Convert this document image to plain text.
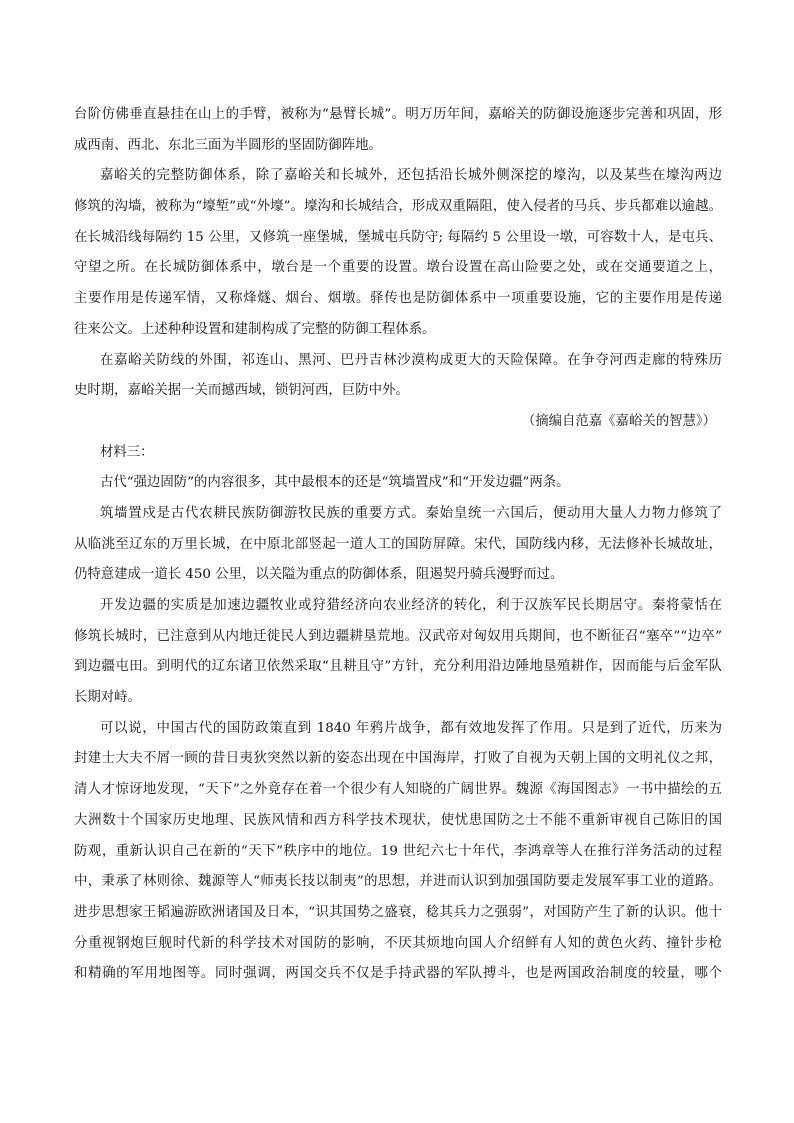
台阶仿佛垂直悬挂在山上的手臂，被称为“悬臂长城”。明万历年间，嘉峪关的防御设施逐步完善和巩固，形
成西南、西北、东北三面为半圆形的坚固防御阵地。
嘉峪关的完整防御体系，除了嘉峪关和长城外，还包括沿长城外侧深挖的壕沟，以及某些在壕沟两边
修筑的沟墙，被称为“壕堑”或“外壕”。壕沟和长城结合，形成双重隔阻，使入侵者的马兵、步兵都难以逾越。
在长城沿线每隔约 15 公里，又修筑一座堡城，堡城屯兵防守; 每隔约 5 公里设一墩，可容数十人，是屯兵、
守望之所。在长城防御体系中，墩台是一个重要的设置。墩台设置在高山险要之处，或在交通要道之上，
主要作用是传递军情，又称烽燧、烟台、烟墩。驿传也是防御体系中一项重要设施，它的主要作用是传递
往来公文。上述种种设置和建制构成了完整的防御工程体系。
在嘉峪关防线的外围，祁连山、黑河、巴丹吉林沙漠构成更大的天险保障。在争夺河西走廊的特殊历
史时期，嘉峪关据一关而撼西域，锁钥河西，巨防中外。
（摘编自范嘉《嘉峪关的智慧》）
材料三：
古代“强边固防”的内容很多，其中最根本的还是“筑墙置戍”和“开发边疆”两条。
筑墙置戍是古代农耕民族防御游牧民族的重要方式。秦始皇统一六国后，便动用大量人力物力修筑了
从临洮至辽东的万里长城，在中原北部竖起一道人工的国防屏障。宋代，国防线内移，无法修补长城故址，
仍特意建成一道长 450 公里，以关隘为重点的防御体系，阻遏契丹骑兵漫野而过。
开发边疆的实质是加速边疆牧业或狩猎经济向农业经济的转化，利于汉族军民长期居守。秦将蒙恬在
修筑长城时，已注意到从内地迁徙民人到边疆耕垦荒地。汉武帝对匈奴用兵期间，也不断征召“塞卒”“边卒”
到边疆屯田。到明代的辽东诸卫依然采取“且耕且守”方针，充分利用沿边陲地垦殖耕作，因而能与后金军队
长期对峙。
可以说，中国古代的国防政策直到 1840 年鸦片战争，都有效地发挥了作用。只是到了近代，历来为
封建士大夫不屑一顾的昔日夷狄突然以新的姿态出现在中国海岸，打败了自视为天朝上国的文明礼仪之邦，
清人才惊讶地发现，“天下”之外竟存在着一个很少有人知晓的广阔世界。魏源《海国图志》一书中描绘的五
大洲数十个国家历史地理、民族风情和西方科学技术现状，使忧患国防之士不能不重新审视自己陈旧的国
防观，重新认识自己在新的“天下”秩序中的地位。19 世纪六七十年代，李鸿章等人在推行洋务活动的过程
中，秉承了林则徐、魏源等人“师夷长技以制夷”的思想，并进而认识到加强国防要走发展军事工业的道路。
进步思想家王韬遍游欧洲诸国及日本，“识其国势之盛衰，稔其兵力之强弱”，对国防产生了新的认识。他十
分重视钢炮巨舰时代新的科学技术对国防的影响，不厌其烦地向国人介绍鲜有人知的黄色火药、撞针步枪
和精确的军用地图等。同时强调，两国交兵不仅是手持武器的军队搏斗，也是两国政治制度的较量，哪个
